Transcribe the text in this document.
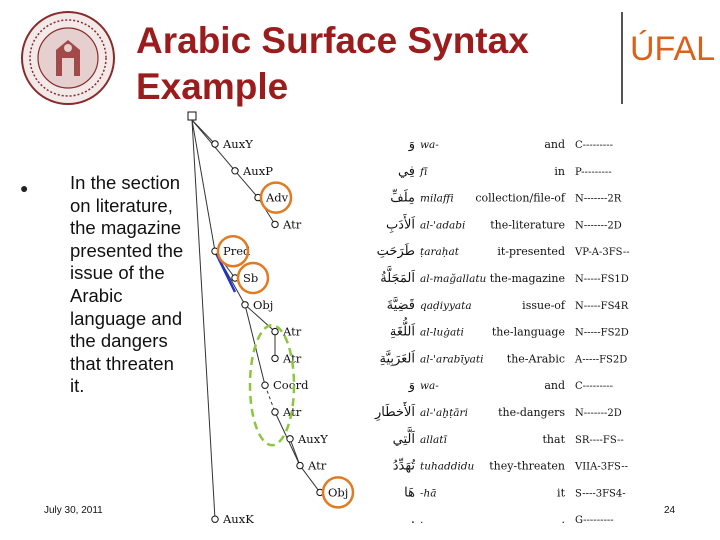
Arabic Surface Syntax
Example
ÚFAL
● In the section on literature, the magazine presented the issue of the Arabic language and the dangers that threaten it.
July 30, 2011	24
AuxY	وَ wa-	and C---------
AuxP	فِي fī	in P---------
Adv	مِلَفِّ milaffi collection/file-of N-------2R
Atr	اَلأَدَبِ al-'adabi the-literature N-------2D
Pred	طَرَحَتِ ṭaraḥat	it-presented VP-A-3FS--
Sb	اَلمَجَلَّةُ al-mağallatu the-magazine N-----FS1D
Obj	قَضِيَّةَ qaḍiyyata	issue-of N-----FS4R
Atr	اَللُّغَةِ al-luġati	the-language N-----FS2D
Atr	اَلعَرَبِيَّةِ al-'arabīyati the-Arabic A-----FS2D
Coord	وَ wa-	and C---------
Atr	اَلأَخطَارِ al-'aḫṭāri	the-dangers N-------2D
AuxY	اَلَّتِي allatī	that SR----FS--
Atr	تُهَدِّدُ tuhaddidu they-threaten VIIA-3FS--
Obj	هَا -hā	it S----3FS4-
AuxK	. .	. G---------
